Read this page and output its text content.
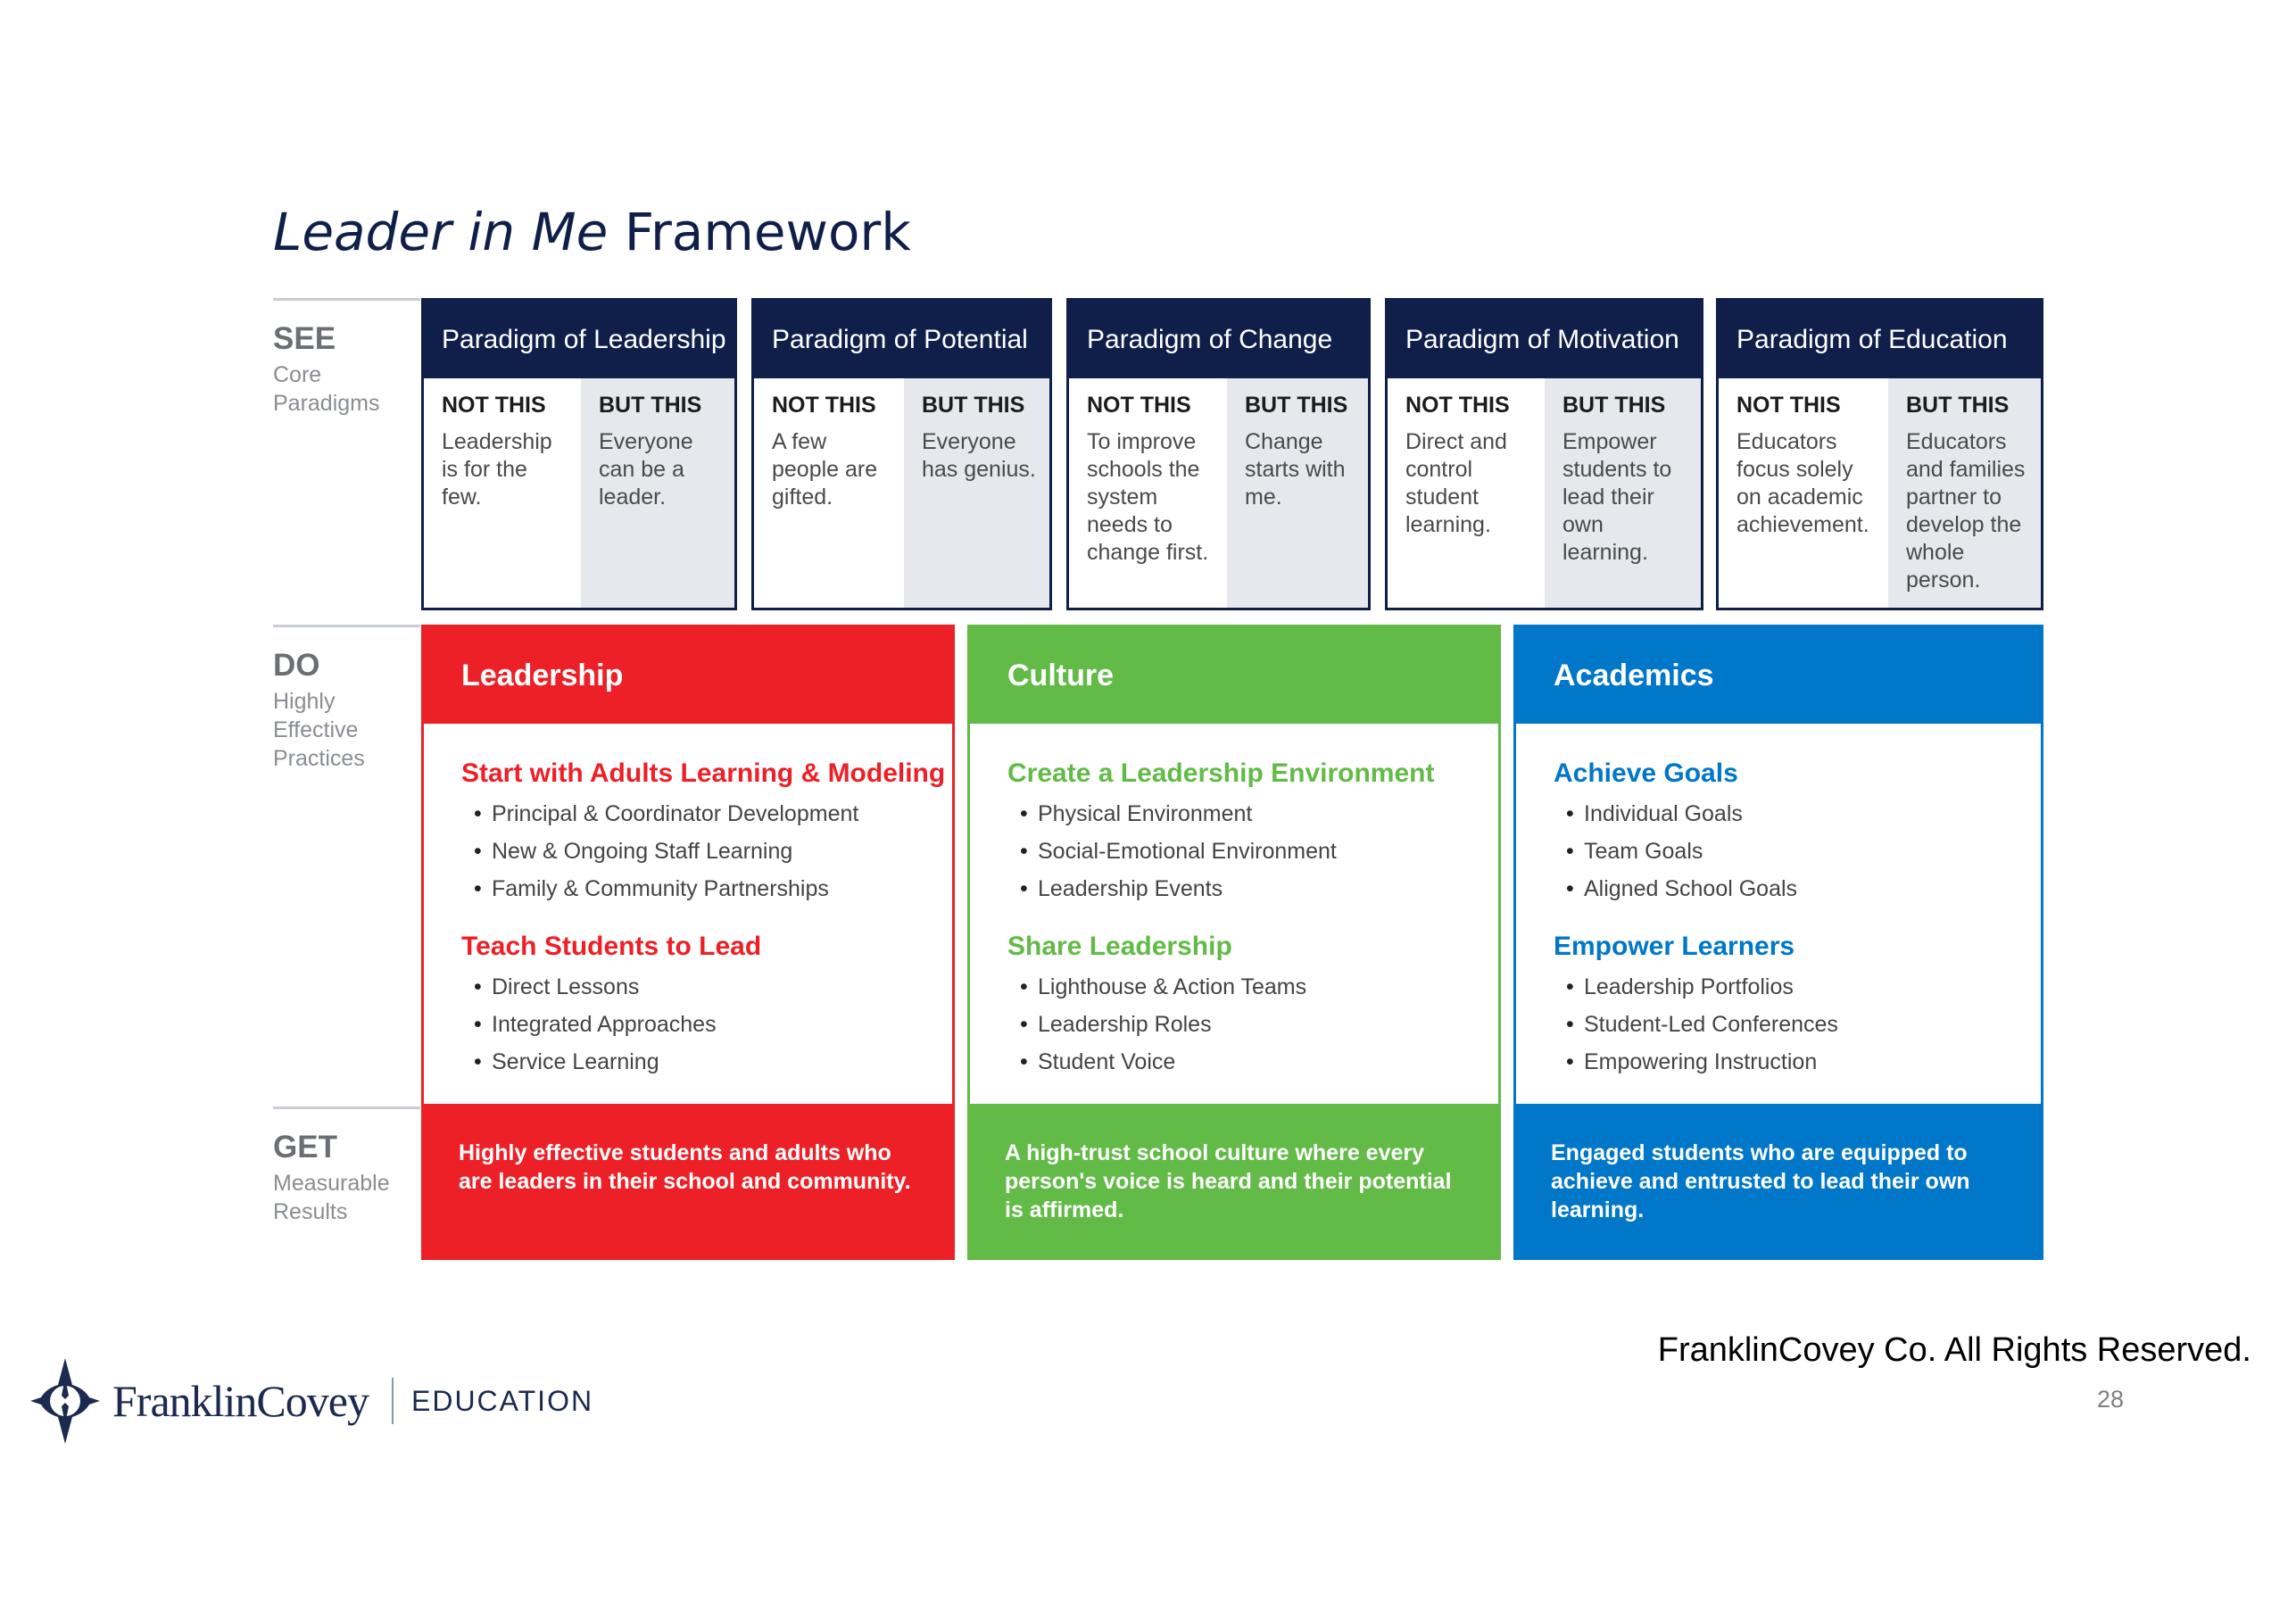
Leader in Me Framework
SEE
Core Paradigms
DO
Highly Effective Practices
GET
Measurable Results
Paradigm of Leadership
NOT THIS
Leadership is for the few.
BUT THIS
Everyone can be a leader.
Paradigm of Potential
NOT THIS
A few people are gifted.
BUT THIS
Everyone has genius.
Paradigm of Change
NOT THIS
To improve schools the system needs to change first.
BUT THIS
Change starts with me.
Paradigm of Motivation
NOT THIS
Direct and control student learning.
BUT THIS
Empower students to lead their own learning.
Paradigm of Education
NOT THIS
Educators focus solely on academic achievement.
BUT THIS
Educators and families partner to develop the whole person.
Leadership
Start with Adults Learning & Modeling
• Principal & Coordinator Development
• New & Ongoing Staff Learning
• Family & Community Partnerships
Teach Students to Lead
• Direct Lessons
• Integrated Approaches
• Service Learning
Culture
Create a Leadership Environment
• Physical Environment
• Social-Emotional Environment
• Leadership Events
Share Leadership
• Lighthouse & Action Teams
• Leadership Roles
• Student Voice
Academics
Achieve Goals
• Individual Goals
• Team Goals
• Aligned School Goals
Empower Learners
• Leadership Portfolios
• Student-Led Conferences
• Empowering Instruction
Highly effective students and adults who are leaders in their school and community.
A high-trust school culture where every person's voice is heard and their potential is affirmed.
Engaged students who are equipped to achieve and entrusted to lead their own learning.
FranklinCovey EDUCATION
FranklinCovey Co. All Rights Reserved.
28
